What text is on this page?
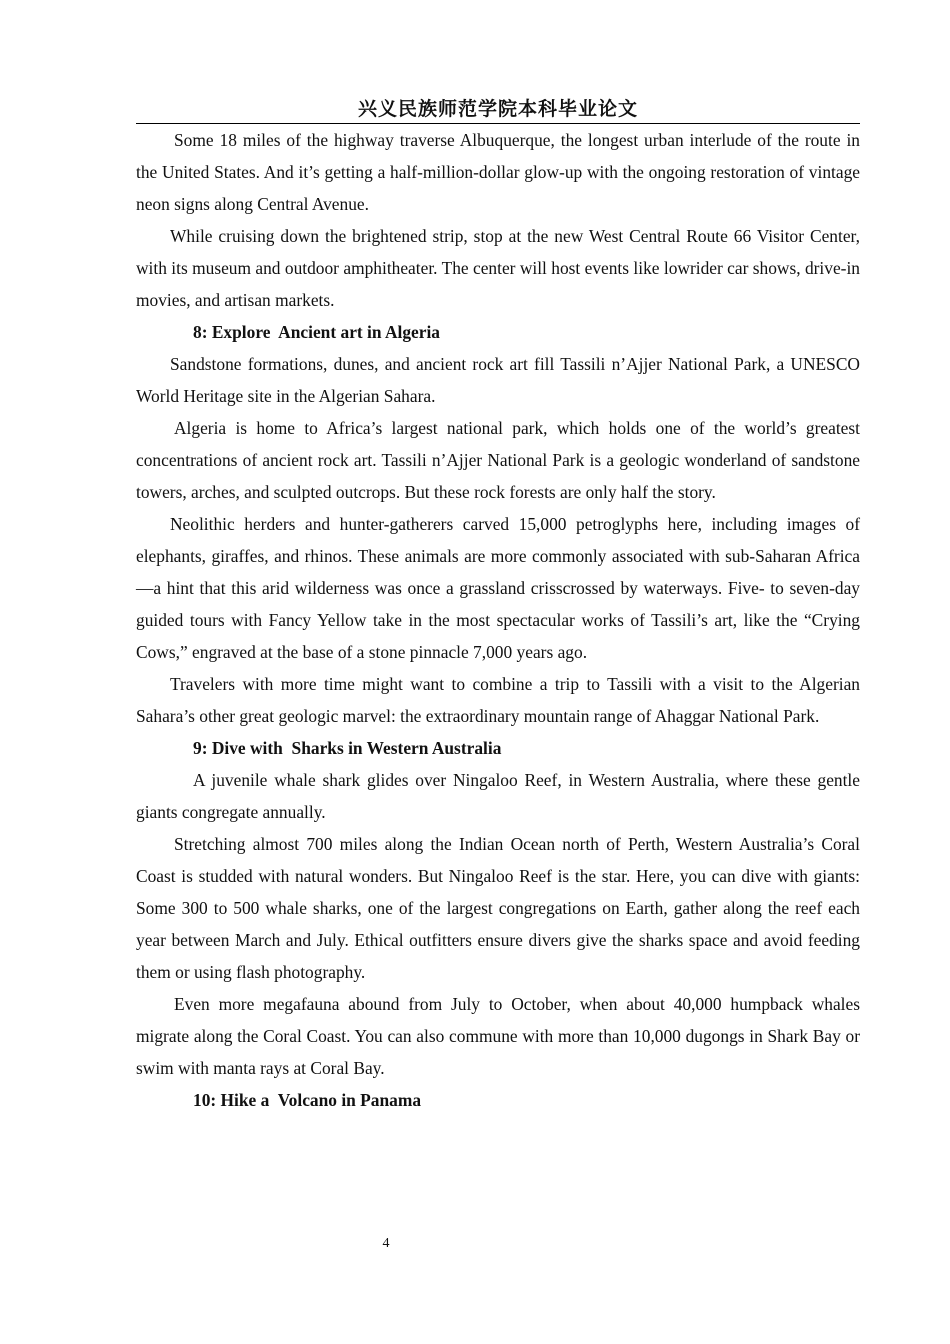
兴义民族师范学院本科毕业论文

Some 18 miles of the highway traverse Albuquerque, the longest urban interlude of the route in the United States. And it’s getting a half-million-dollar glow-up with the ongoing restoration of vintage neon signs along Central Avenue.

While cruising down the brightened strip, stop at the new West Central Route 66 Visitor Center, with its museum and outdoor amphitheater. The center will host events like lowrider car shows, drive-in movies, and artisan markets.

8: Explore  Ancient art in Algeria

Sandstone formations, dunes, and ancient rock art fill Tassili n’Ajjer National Park, a UNESCO World Heritage site in the Algerian Sahara.

Algeria is home to Africa’s largest national park, which holds one of the world’s greatest concentrations of ancient rock art. Tassili n’Ajjer National Park is a geologic wonderland of sandstone towers, arches, and sculpted outcrops. But these rock forests are only half the story.

Neolithic herders and hunter-gatherers carved 15,000 petroglyphs here, including images of elephants, giraffes, and rhinos. These animals are more commonly associated with sub-Saharan Africa—a hint that this arid wilderness was once a grassland crisscrossed by waterways. Five- to seven-day guided tours with Fancy Yellow take in the most spectacular works of Tassili’s art, like the “Crying Cows,” engraved at the base of a stone pinnacle 7,000 years ago.

Travelers with more time might want to combine a trip to Tassili with a visit to the Algerian Sahara’s other great geologic marvel: the extraordinary mountain range of Ahaggar National Park.

9: Dive with  Sharks in Western Australia

A juvenile whale shark glides over Ningaloo Reef, in Western Australia, where these gentle giants congregate annually.

Stretching almost 700 miles along the Indian Ocean north of Perth, Western Australia’s Coral Coast is studded with natural wonders. But Ningaloo Reef is the star. Here, you can dive with giants: Some 300 to 500 whale sharks, one of the largest congregations on Earth, gather along the reef each year between March and July. Ethical outfitters ensure divers give the sharks space and avoid feeding them or using flash photography.

Even more megafauna abound from July to October, when about 40,000 humpback whales migrate along the Coral Coast. You can also commune with more than 10,000 dugongs in Shark Bay or swim with manta rays at Coral Bay.

10: Hike a  Volcano in Panama
4
